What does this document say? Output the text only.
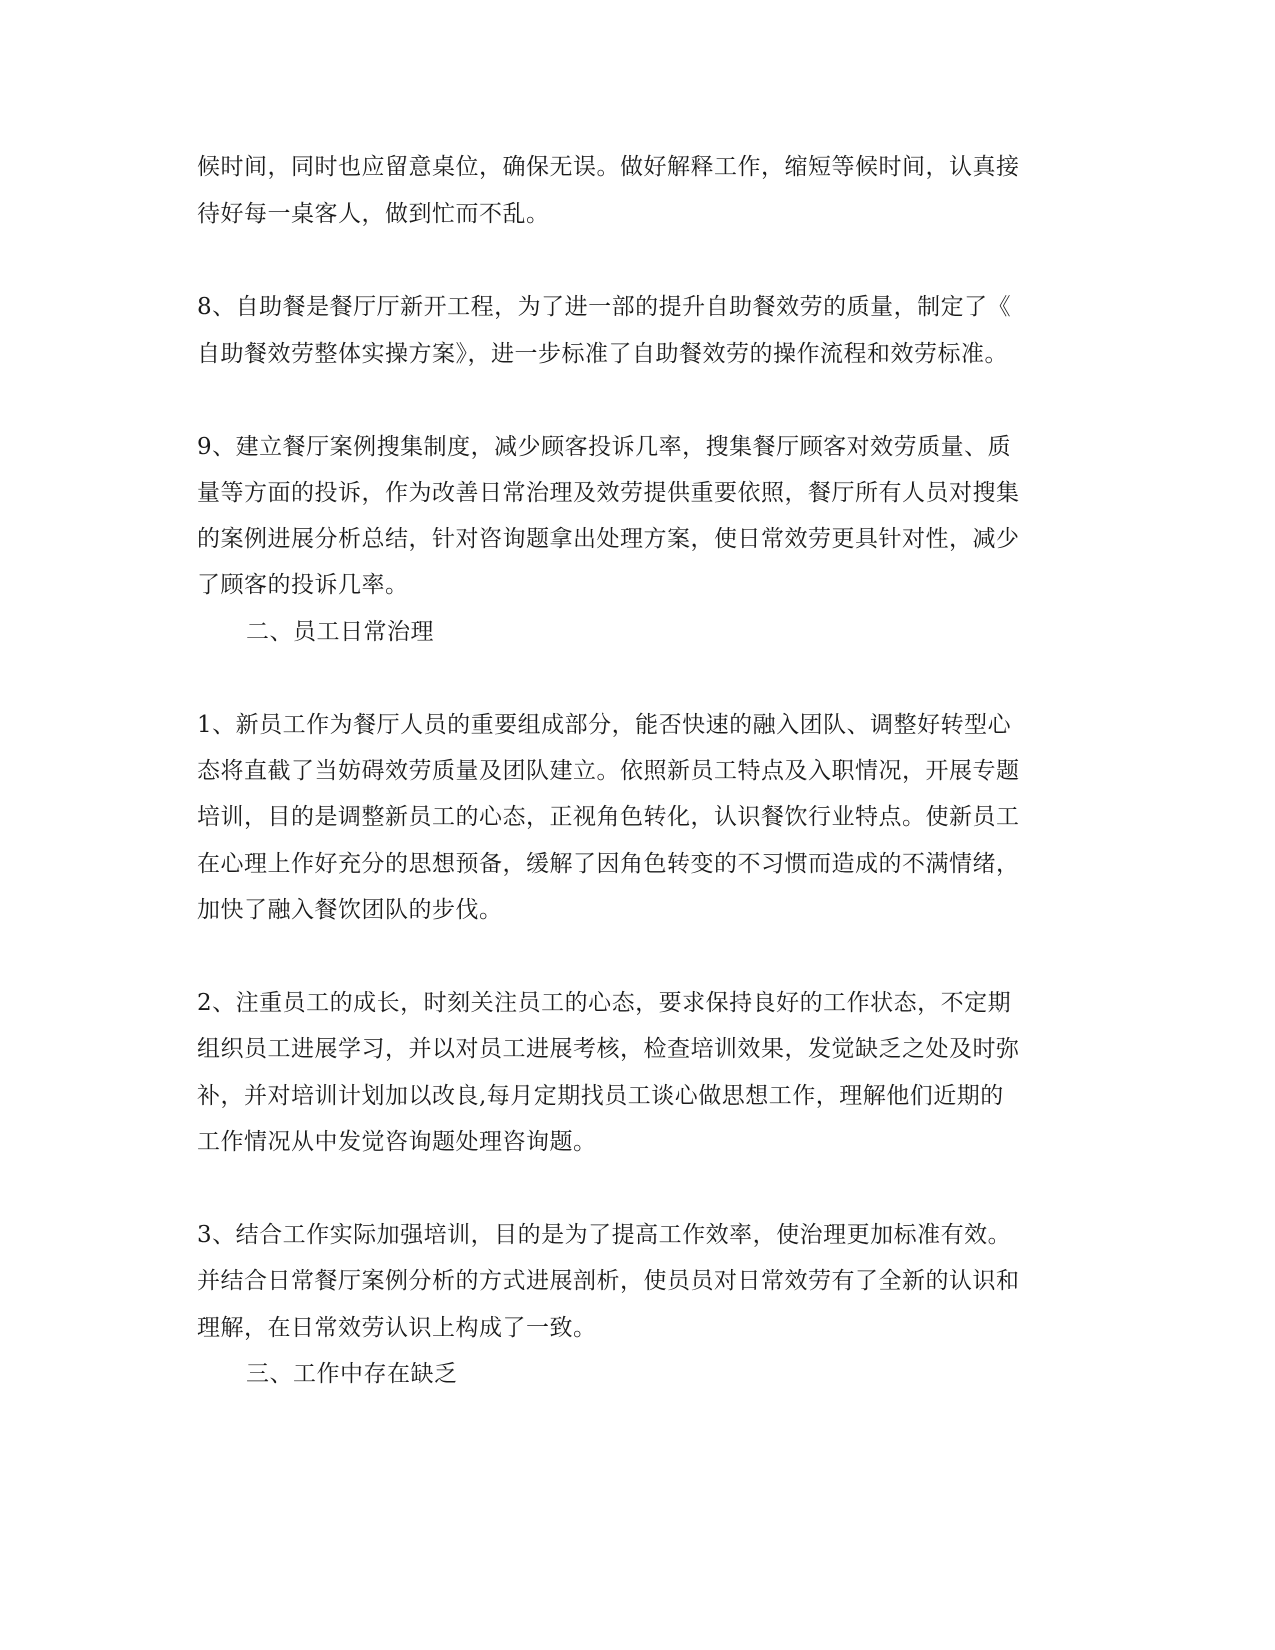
候时间，同时也应留意桌位，确保无误。做好解释工作，缩短等候时间，认真接
待好每一桌客人，做到忙而不乱。
8、自助餐是餐厅厅新开工程，为了进一部的提升自助餐效劳的质量，制定了《
自助餐效劳整体实操方案》，进一步标准了自助餐效劳的操作流程和效劳标准。
9、建立餐厅案例搜集制度，减少顾客投诉几率，搜集餐厅顾客对效劳质量、质
量等方面的投诉，作为改善日常治理及效劳提供重要依照，餐厅所有人员对搜集
的案例进展分析总结，针对咨询题拿出处理方案，使日常效劳更具针对性，减少
了顾客的投诉几率。
二、员工日常治理
1、新员工作为餐厅人员的重要组成部分，能否快速的融入团队、调整好转型心
态将直截了当妨碍效劳质量及团队建立。依照新员工特点及入职情况，开展专题
培训，目的是调整新员工的心态，正视角色转化，认识餐饮行业特点。使新员工
在心理上作好充分的思想预备，缓解了因角色转变的不习惯而造成的不满情绪，
加快了融入餐饮团队的步伐。
2、注重员工的成长，时刻关注员工的心态，要求保持良好的工作状态，不定期
组织员工进展学习，并以对员工进展考核，检查培训效果，发觉缺乏之处及时弥
补，并对培训计划加以改良,每月定期找员工谈心做思想工作，理解他们近期的
工作情况从中发觉咨询题处理咨询题。
3、结合工作实际加强培训，目的是为了提高工作效率，使治理更加标准有效。
并结合日常餐厅案例分析的方式进展剖析，使员员对日常效劳有了全新的认识和
理解，在日常效劳认识上构成了一致。
三、工作中存在缺乏
